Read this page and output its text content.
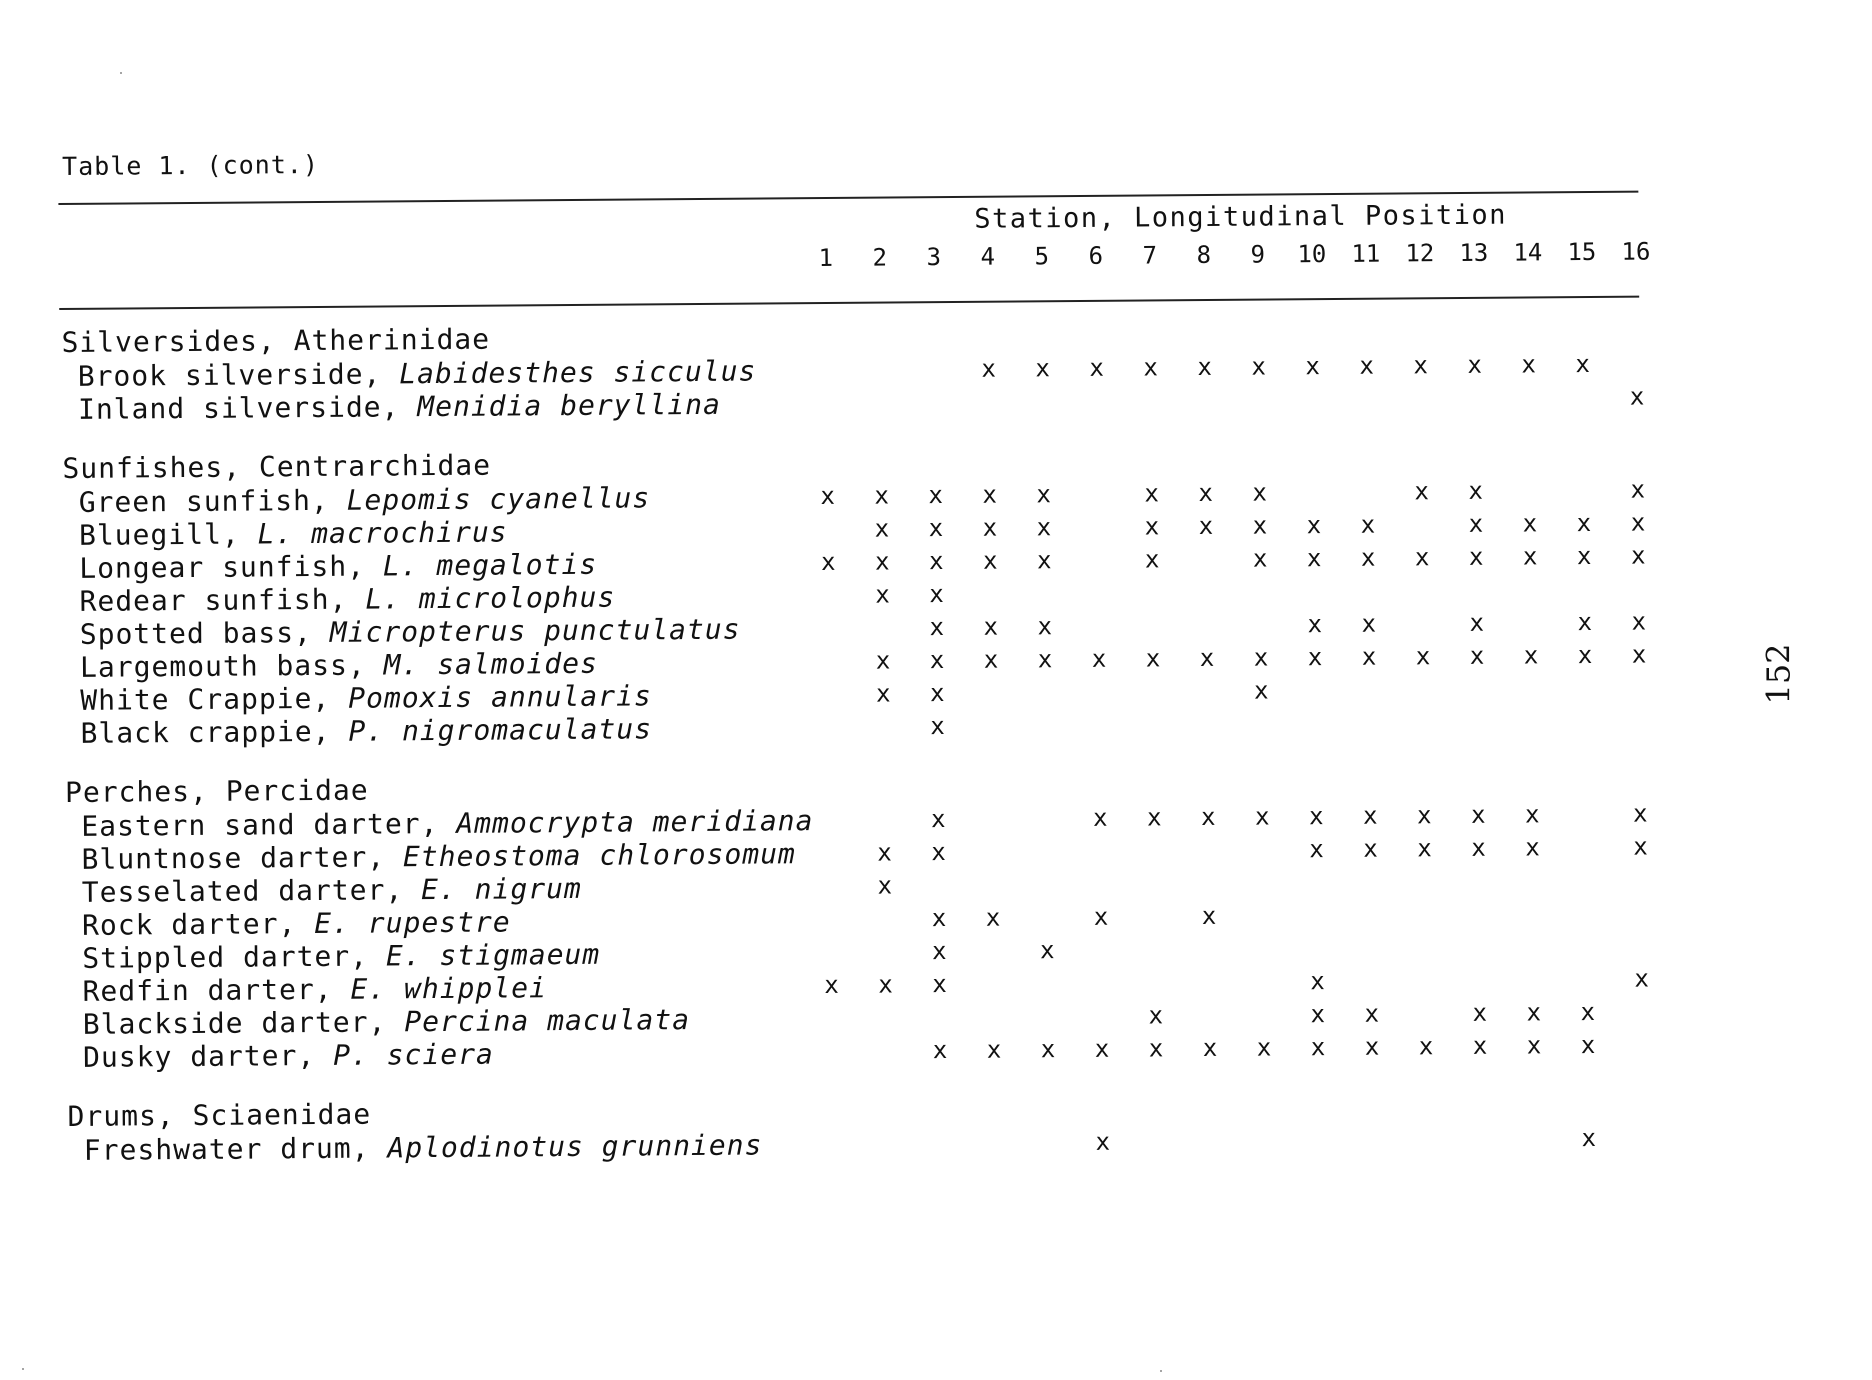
Table 1. (cont.)
	Station, Longitudinal Position															
	1	2	3	4	5	6	7	8	9	10	11	12	13	14	15	16

Silversides, Atherinidae																
Brook silverside, Labidesthes sicculus				x	x	x	x	x	x	x	x	x	x	x	x	
Inland silverside, Menidia beryllina																x

Sunfishes, Centrarchidae																
Green sunfish, Lepomis cyanellus	x	x	x	x	x		x	x	x			x	x			x
Bluegill, L. macrochirus		x	x	x	x		x	x	x	x	x		x	x	x	x
Longear sunfish, L. megalotis	x	x	x	x	x		x		x	x	x	x	x	x	x	x
Redear sunfish, L. microlophus		x	x													
Spotted bass, Micropterus punctulatus			x	x	x					x	x		x		x	x
Largemouth bass, M. salmoides		x	x	x	x	x	x	x	x	x	x	x	x	x	x	x
White Crappie, Pomoxis annularis		x	x						x							
Black crappie, P. nigromaculatus			x													

Perches, Percidae																
Eastern sand darter, Ammocrypta meridiana			x			x	x	x	x	x	x	x	x	x		x
Bluntnose darter, Etheostoma chlorosomum		x	x							x	x	x	x	x		x
Tesselated darter, E. nigrum		x														
Rock darter, E. rupestre			x	x		x		x								
Stippled darter, E. stigmaeum			x		x											
Redfin darter, E. whipplei	x	x	x							x						x
Blackside darter, Percina maculata							x			x	x		x	x	x	
Dusky darter, P. sciera			x	x	x	x	x	x	x	x	x	x	x	x	x	

Drums, Sciaenidae																
Freshwater drum, Aplodinotus grunniens						x									x	
152
